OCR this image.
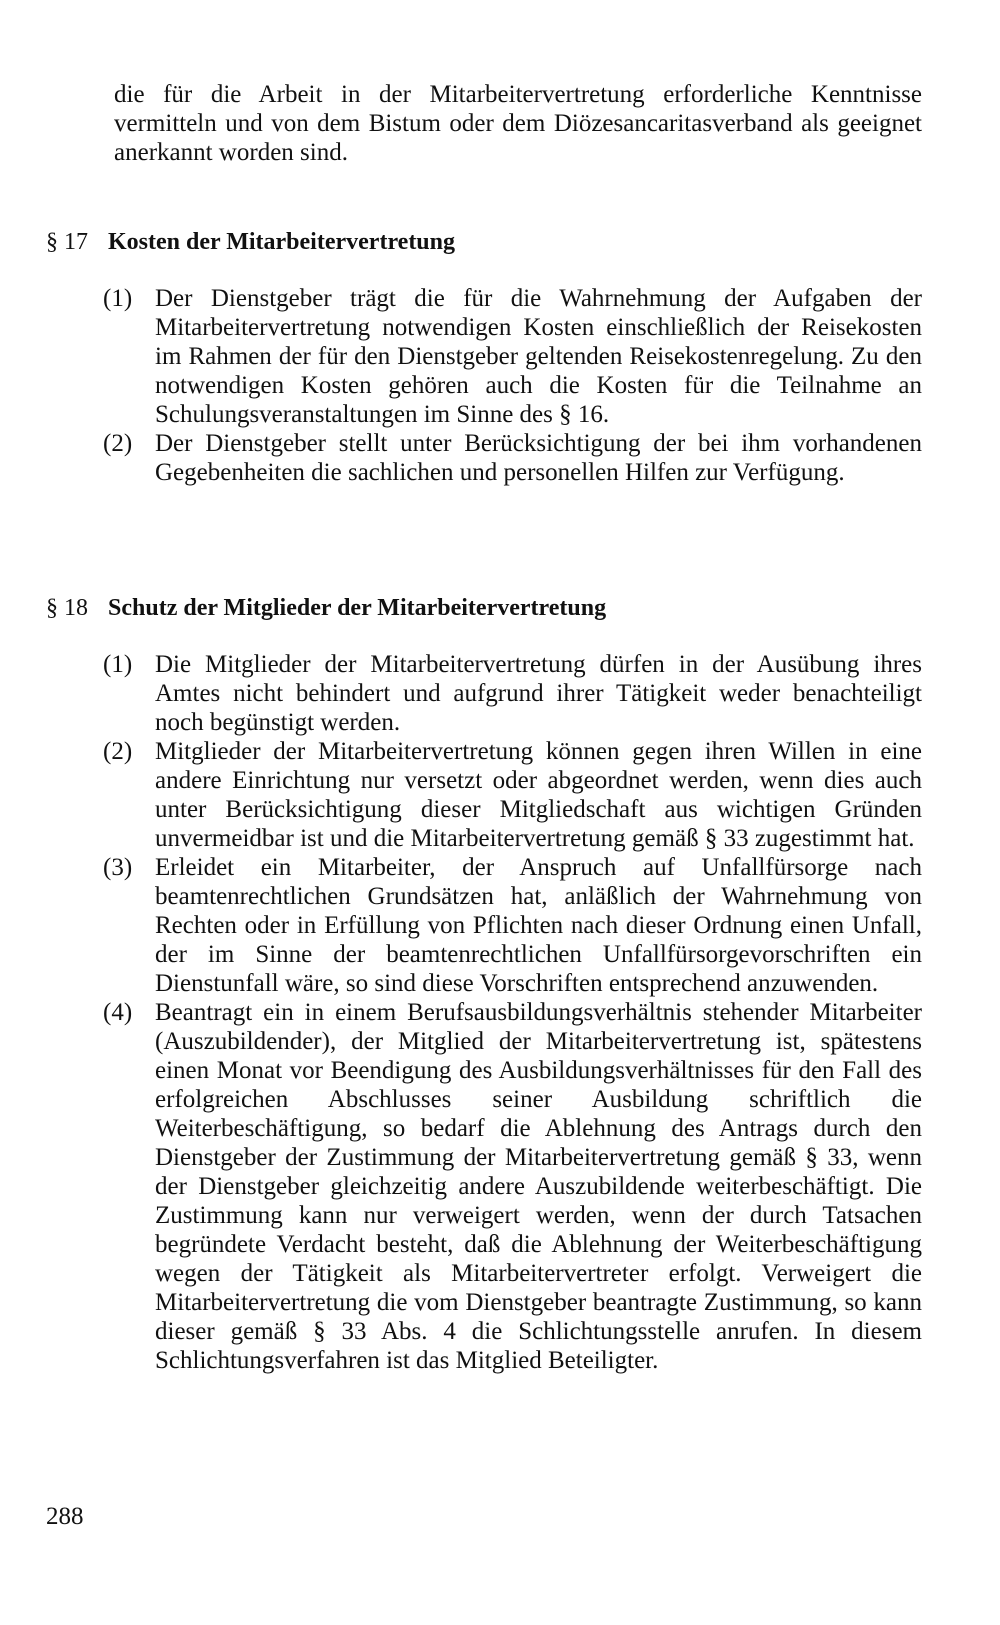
die für die Arbeit in der Mitarbeitervertretung erforderliche Kenntnisse vermitteln und von dem Bistum oder dem Diözesancaritasverband als geeignet anerkannt worden sind.

§ 17 Kosten der Mitarbeitervertretung
(1) Der Dienstgeber trägt die für die Wahrnehmung der Aufgaben der Mitarbeitervertretung notwendigen Kosten einschließlich der Reisekosten im Rahmen der für den Dienstgeber geltenden Reisekostenregelung. Zu den notwendigen Kosten gehören auch die Kosten für die Teilnahme an Schulungsveranstaltungen im Sinne des § 16.
(2) Der Dienstgeber stellt unter Berücksichtigung der bei ihm vorhandenen Gegebenheiten die sachlichen und personellen Hilfen zur Verfügung.
§ 18 Schutz der Mitglieder der Mitarbeitervertretung
(1) Die Mitglieder der Mitarbeitervertretung dürfen in der Ausübung ihres Amtes nicht behindert und aufgrund ihrer Tätigkeit weder benachteiligt noch begünstigt werden.
(2) Mitglieder der Mitarbeitervertretung können gegen ihren Willen in eine andere Einrichtung nur versetzt oder abgeordnet werden, wenn dies auch unter Berücksichtigung dieser Mitgliedschaft aus wichtigen Gründen unvermeidbar ist und die Mitarbeitervertretung gemäß § 33 zugestimmt hat.
(3) Erleidet ein Mitarbeiter, der Anspruch auf Unfallfürsorge nach beamtenrechtlichen Grundsätzen hat, anläßlich der Wahrnehmung von Rechten oder in Erfüllung von Pflichten nach dieser Ordnung einen Unfall, der im Sinne der beamtenrechtlichen Unfallfürsorgevorschriften ein Dienstunfall wäre, so sind diese Vorschriften entsprechend anzuwenden.
(4) Beantragt ein in einem Berufsausbildungsverhältnis stehender Mitarbeiter (Auszubildender), der Mitglied der Mitarbeitervertretung ist, spätestens einen Monat vor Beendigung des Ausbildungsverhältnisses für den Fall des erfolgreichen Abschlusses seiner Ausbildung schriftlich die Weiterbeschäftigung, so bedarf die Ablehnung des Antrags durch den Dienstgeber der Zustimmung der Mitarbeitervertretung gemäß § 33, wenn der Dienstgeber gleichzeitig andere Auszubildende weiterbeschäftigt. Die Zustimmung kann nur verweigert werden, wenn der durch Tatsachen begründete Verdacht besteht, daß die Ablehnung der Weiterbeschäftigung wegen der Tätigkeit als Mitarbeitervertreter erfolgt. Verweigert die Mitarbeitervertretung die vom Dienstgeber beantragte Zustimmung, so kann dieser gemäß § 33 Abs. 4 die Schlichtungsstelle anrufen. In diesem Schlichtungsverfahren ist das Mitglied Beteiligter.
288
